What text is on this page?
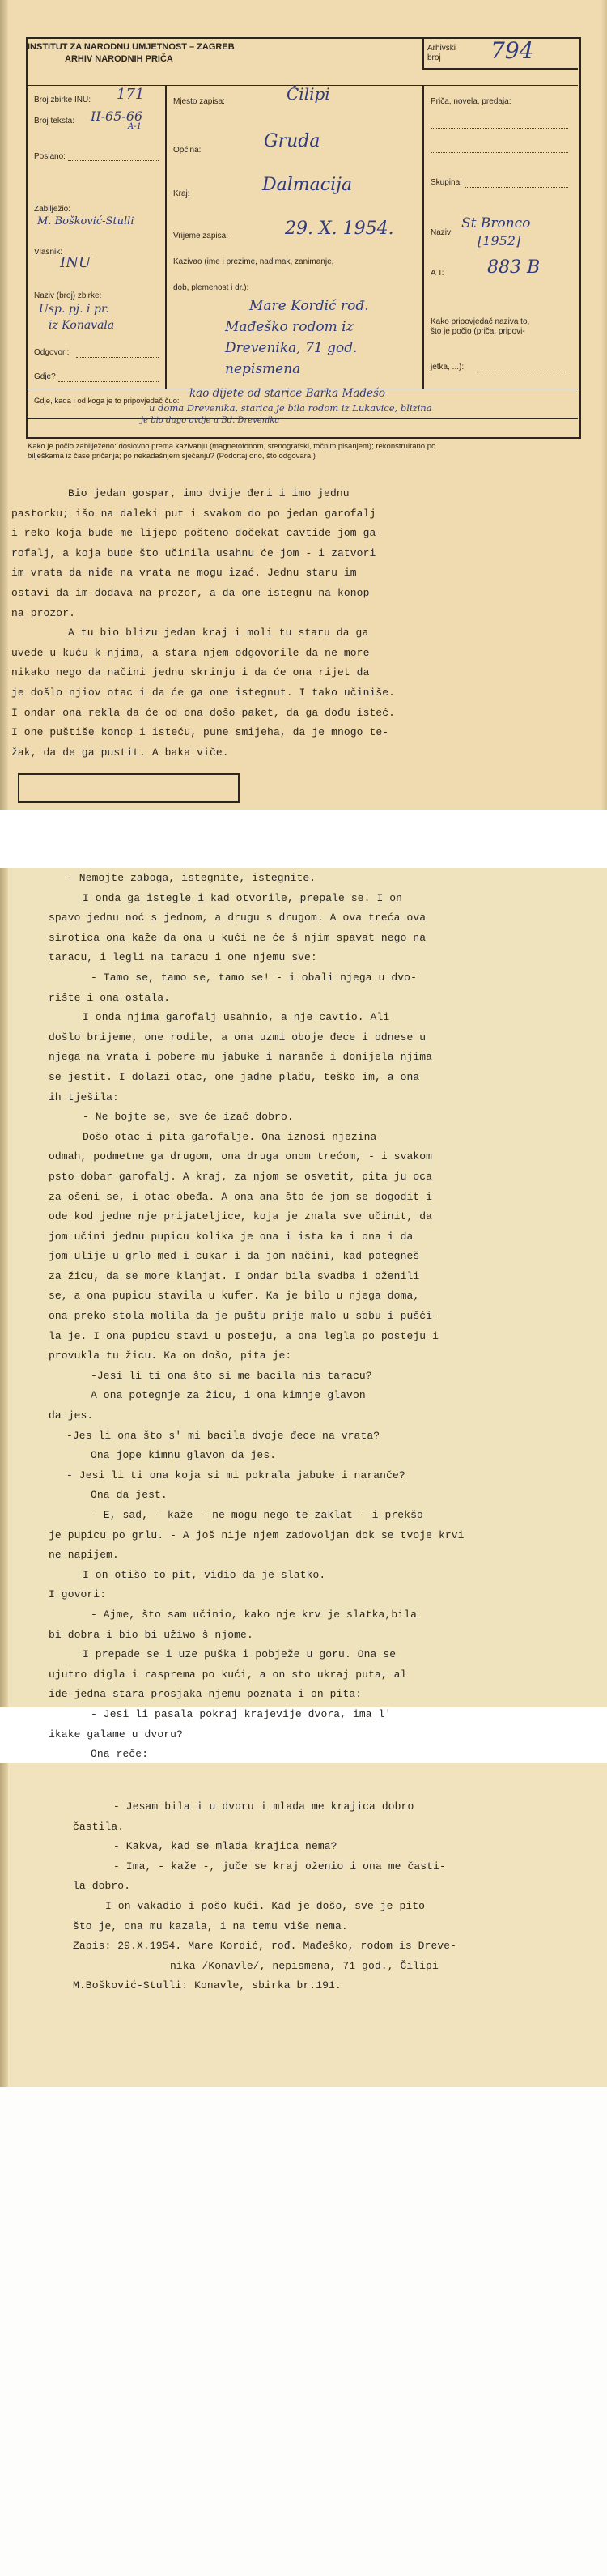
INSTITUT ZA NARODNU UMJETNOST – ZAGREB
ARHIV NARODNIH PRIČA
Arhivski broj	794
Broj zbirke INU: 171
Broj teksta: II-65-66
A-1
Poslano:
Zabilježio:
M. Bošković-Stulli
Vlasnik:
INU
Naziv (broj) zbirke:
Usp. pj. i pr.
iz Konavala
Odgovori:
Gdje?
Mjesto zapisa:	Čilipi
Općina:	Gruda
Kraj:	Dalmacija
Vrijeme zapisa:	29. X. 1954.
Kazivao (ime i prezime, nadimak, zanimanje,
dob, plemenost i dr.):
Mare Kordić rođ.
Mađeško rodom iz
Drevenika, 71 god.
nepismena
Priča, novela, predaja:
Skupina:
Naziv:
St Bronco
[1952]
A T: 883 B
Kako pripovjedač naziva to,
što je počio (priča, pripovi-
jetka, ...):
Gdje, kada i od koga je to pripovjedač čuo:
kao dijete od starice Barka Mađešo
u doma Drevenika, starica je bila rodom iz Lukavice, blizina
je bio dugo ovdje u Bd. Drevenika
Kako je počio zabilježeno: doslovno prema kazivanju (magnetofonom, stenografski, točnim pisanjem); rekonstruirano po
bilješkama iz čase pričanja; po nekadašnjem sjećanju? (Podcrtaj ono, što odgovara!)
Bio jedan gospar, imo dvije đeri i imo jednu
pastorku; išo na daleki put i svakom do po jedan garofalj
i reko koja bude me lijepo pošteno dočekat cavtide jom ga-
rofalj, a koja bude što učinila usahnu će jom - i zatvori
im vrata da niđe na vrata ne mogu izać. Jednu staru im
ostavi da im dodava na prozor, a da one istegnu na konop
na prozor.
A tu bio blizu jedan kraj i moli tu staru da ga
uvede u kuću k njima, a stara njem odgovorile da ne more
nikako nego da načini jednu skrinju i da će ona rijet da
je došlo njiov otac i da će ga one istegnut. I tako učiniše.
I ondar ona rekla da će od ona došo paket, da ga dođu isteć.
I one puštiše konop i isteću, pune smijeha, da je mnogo te-
žak, da de ga pustit. A baka viče.
- Nemojte zaboga, istegnite, istegnite.
I ondа ga istegle i kad otvorile, prepale se. I on
spavo jednu noć s jednom, a drugu s drugom. A ova treća ova
sirotica ona kaže da ona u kući ne će š njim spavat nego na
taracu, i legli na taracu i one njemu sve:
- Tamo se, tamo se, tamo se! - i obali njega u dvo-
rište i ona ostala.
I onda njima garofalj usahnio, a nje cavtio. Ali
došlo brijeme, one rodile, a ona uzmi oboje đece i odnese u
njega na vrata i pobere mu jabuke i naranče i donijela njima
se jestit. I dolazi otac, one jadne plaču, teško im, a ona
ih tješila:
- Ne bojte se, sve će izać dobro.
Došo otac i pita garofalje. Ona iznosi njezina
odmah, podmetne ga drugom, ona druga onom trećom, - i svakom
psto dobar garofalj. A kraj, za njom se osvetit, pita ju oca
za ošeni se, i otac obeđa. A ona ana što će jom se dogodit i
ode kod jedne nje prijateljice, koja je znala sve učinit, da
jom učini jednu pupicu kolika je ona i ista ka i ona i da
jom ulije u grlo med i cukar i da jom načini, kad potegneš
za žicu, da se more klanjat. I ondar bila svadba i oženili
se, a ona pupicu stavila u kufer. Ka je bilo u njega doma,
ona preko stola molila da je puštu prije malo u sobu i pušći-
la je. I ona pupicu stavi u posteju, a ona legla po posteju i
provukla tu žicu. Ka on došo, pita je:
-Jesi li ti ona što si me bacila nis taracu?
A ona potegnje za žicu, i ona kimnje glavon
da jes.
-Jes li ona što s' mi bacila dvoje đece na vrata?
Ona jope kimnu glavon da jes.
- Jesi li ti ona koja si mi pokrala jabuke i naranče?
Ona da jest.
- E, sad, - kaže - ne mogu nego te zaklat - i prekšo
je pupicu po grlu. - A još nije njem zadovoljan dok se tvoje krvi
ne napijem.
I on otišo to pit, vidio da je slatko.
I govori:
- Ajme, što sam učinio, kako nje krv je slatka,bila
bi dobra i bio bi užiwo š njome.
I prepade se i uze puška i pobježe u goru. Ona se
ujutro digla i rasprema po kući, a on sto ukraj puta, al
ide jedna stara prosjaka njemu poznata i on pita:
- Jesi li pasala pokraj krajevije dvora, ima l'
ikake galame u dvoru?
Ona reče:
- Jesam bila i u dvoru i mlada me krajica dobro
častila.
- Kakva, kad se mlada krajica nema?
- Ima, - kaže -, juče se kraj oženio i ona me časti-
la dobro.
I on vakadio i pošo kući. Kad je došo, sve je pito
što je, ona mu kazala, i na temu više nema.
Zapis: 29.X.1954. Mare Kordić, rođ. Mađeško, rodom is Dreve-
nika /Konavle/, nepismena, 71 god., Čilipi
M.Bošković-Stulli: Konavle, sbirka br.191.
